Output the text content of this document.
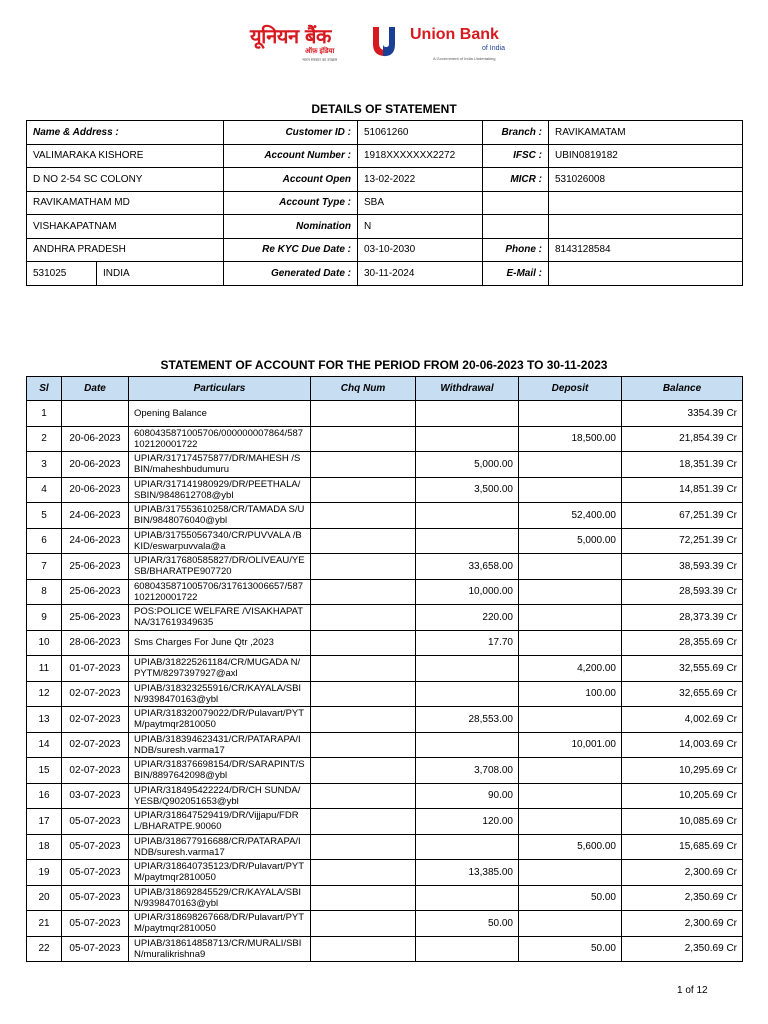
यूनियन बैंक
ऑफ़ इंडिया
भारत सरकार का उपक्रम
Union Bank
of India
A Government of India Undertaking
DETAILS OF STATEMENT
Name & Address :		Customer ID :	51061260	Branch :	RAVIKAMATAM
VALIMARAKA KISHORE		Account Number :	1918XXXXXXX2272	IFSC :	UBIN0819182
D NO 2-54 SC COLONY		Account Open	13-02-2022	MICR :	531026008
RAVIKAMATHAM MD		Account Type :	SBA		
VISHAKAPATNAM		Nomination	N		
ANDHRA PRADESH		Re KYC Due Date :	03-10-2030	Phone :	8143128584
531025	INDIA	Generated Date :	30-11-2024	E-Mail :	
STATEMENT OF ACCOUNT FOR THE PERIOD FROM 20-06-2023 TO 30-11-2023
Sl	Date	Particulars	Chq Num	Withdrawal	Deposit	Balance
1		Opening Balance				3354.39 Cr
2	20-06-2023	6080435871005706/000000007864/587102120001722			18,500.00	21,854.39 Cr
3	20-06-2023	UPIAR/317174575877/DR/MAHESH /SBIN/maheshbudumuru		5,000.00		18,351.39 Cr
4	20-06-2023	UPIAR/317141980929/DR/PEETHALA/SBIN/9848612708@ybl		3,500.00		14,851.39 Cr
5	24-06-2023	UPIAB/317553610258/CR/TAMADA S/UBIN/9848076040@ybl			52,400.00	67,251.39 Cr
6	24-06-2023	UPIAB/317550567340/CR/PUVVALA /BKID/eswarpuvvala@a			5,000.00	72,251.39 Cr
7	25-06-2023	UPIAR/317680585827/DR/OLIVEAU/YESB/BHARATPE907720		33,658.00		38,593.39 Cr
8	25-06-2023	6080435871005706/317613006657/587102120001722		10,000.00		28,593.39 Cr
9	25-06-2023	POS:POLICE WELFARE /VISAKHAPATNA/317619349635		220.00		28,373.39 Cr
10	28-06-2023	Sms Charges For June Qtr ,2023		17.70		28,355.69 Cr
11	01-07-2023	UPIAB/318225261184/CR/MUGADA N/PYTM/8297397927@axl			4,200.00	32,555.69 Cr
12	02-07-2023	UPIAB/318323255916/CR/KAYALA/SBIN/9398470163@ybl			100.00	32,655.69 Cr
13	02-07-2023	UPIAR/318320079022/DR/Pulavart/PYTM/paytmqr2810050		28,553.00		4,002.69 Cr
14	02-07-2023	UPIAB/318394623431/CR/PATARAPA/INDB/suresh.varma17			10,001.00	14,003.69 Cr
15	02-07-2023	UPIAR/318376698154/DR/SARAPINT/SBIN/8897642098@ybl		3,708.00		10,295.69 Cr
16	03-07-2023	UPIAR/318495422224/DR/CH SUNDA/YESB/Q902051653@ybl		90.00		10,205.69 Cr
17	05-07-2023	UPIAR/318647529419/DR/Vijjapu/FDRL/BHARATPE.90060		120.00		10,085.69 Cr
18	05-07-2023	UPIAB/318677916688/CR/PATARAPA/INDB/suresh.varma17			5,600.00	15,685.69 Cr
19	05-07-2023	UPIAR/318640735123/DR/Pulavart/PYTM/paytmqr2810050		13,385.00		2,300.69 Cr
20	05-07-2023	UPIAB/318692845529/CR/KAYALA/SBIN/9398470163@ybl			50.00	2,350.69 Cr
21	05-07-2023	UPIAR/318698267668/DR/Pulavart/PYTM/paytmqr2810050		50.00		2,300.69 Cr
22	05-07-2023	UPIAB/318614858713/CR/MURALI/SBIN/muralikrishna9			50.00	2,350.69 Cr
1 of 12
